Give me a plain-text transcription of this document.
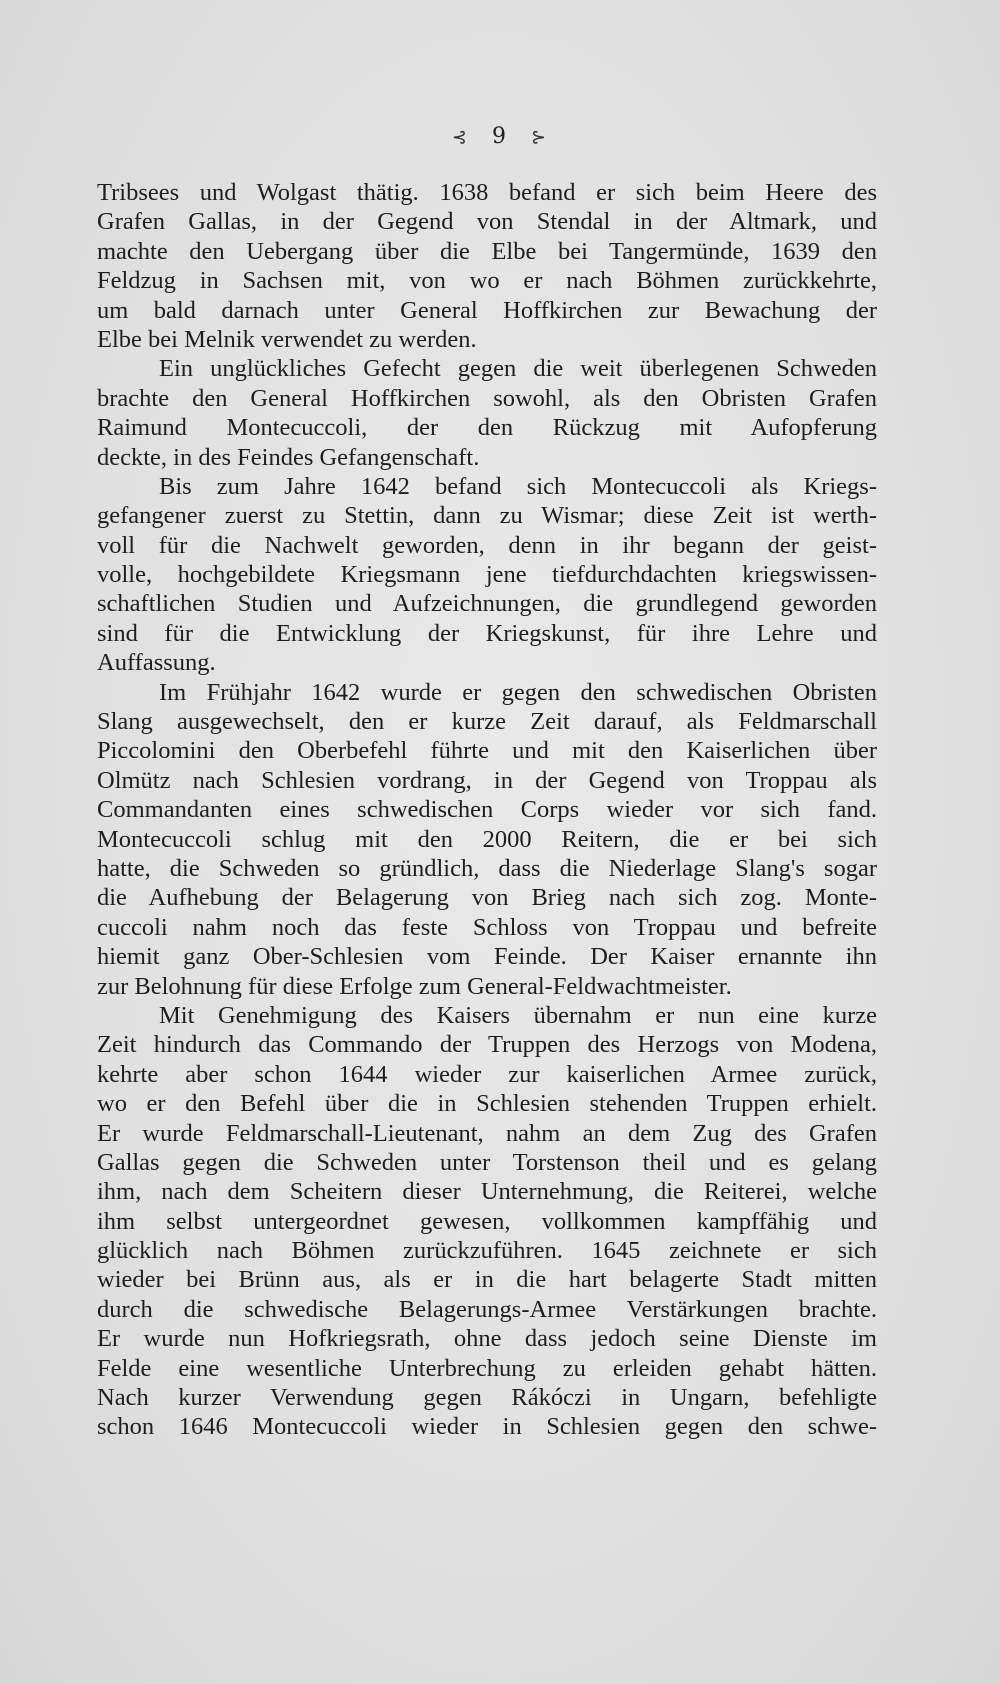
⊰ 9 ⊱
Tribsees und Wolgast thätig. 1638 befand er sich beim Heere des
Grafen Gallas, in der Gegend von Stendal in der Altmark, und
machte den Uebergang über die Elbe bei Tangermünde, 1639 den
Feldzug in Sachsen mit, von wo er nach Böhmen zurückkehrte,
um bald darnach unter General Hoffkirchen zur Bewachung der
Elbe bei Melnik verwendet zu werden.
Ein unglückliches Gefecht gegen die weit überlegenen Schweden
brachte den General Hoffkirchen sowohl, als den Obristen Grafen
Raimund Montecuccoli, der den Rückzug mit Aufopferung
deckte, in des Feindes Gefangenschaft.
Bis zum Jahre 1642 befand sich Montecuccoli als Kriegs-
gefangener zuerst zu Stettin, dann zu Wismar; diese Zeit ist werth-
voll für die Nachwelt geworden, denn in ihr begann der geist-
volle, hochgebildete Kriegsmann jene tiefdurchdachten kriegswissen-
schaftlichen Studien und Aufzeichnungen, die grundlegend geworden
sind für die Entwicklung der Kriegskunst, für ihre Lehre und
Auffassung.
Im Frühjahr 1642 wurde er gegen den schwedischen Obristen
Slang ausgewechselt, den er kurze Zeit darauf, als Feldmarschall
Piccolomini den Oberbefehl führte und mit den Kaiserlichen über
Olmütz nach Schlesien vordrang, in der Gegend von Troppau als
Commandanten eines schwedischen Corps wieder vor sich fand.
Montecuccoli schlug mit den 2000 Reitern, die er bei sich
hatte, die Schweden so gründlich, dass die Niederlage Slang's sogar
die Aufhebung der Belagerung von Brieg nach sich zog. Monte-
cuccoli nahm noch das feste Schloss von Troppau und befreite
hiemit ganz Ober-Schlesien vom Feinde. Der Kaiser ernannte ihn
zur Belohnung für diese Erfolge zum General-Feldwachtmeister.
Mit Genehmigung des Kaisers übernahm er nun eine kurze
Zeit hindurch das Commando der Truppen des Herzogs von Modena,
kehrte aber schon 1644 wieder zur kaiserlichen Armee zurück,
wo er den Befehl über die in Schlesien stehenden Truppen erhielt.
Er wurde Feldmarschall-Lieutenant, nahm an dem Zug des Grafen
Gallas gegen die Schweden unter Torstenson theil und es gelang
ihm, nach dem Scheitern dieser Unternehmung, die Reiterei, welche
ihm selbst untergeordnet gewesen, vollkommen kampffähig und
glücklich nach Böhmen zurückzuführen. 1645 zeichnete er sich
wieder bei Brünn aus, als er in die hart belagerte Stadt mitten
durch die schwedische Belagerungs-Armee Verstärkungen brachte.
Er wurde nun Hofkriegsrath, ohne dass jedoch seine Dienste im
Felde eine wesentliche Unterbrechung zu erleiden gehabt hätten.
Nach kurzer Verwendung gegen Rákóczi in Ungarn, befehligte
schon 1646 Montecuccoli wieder in Schlesien gegen den schwe-
